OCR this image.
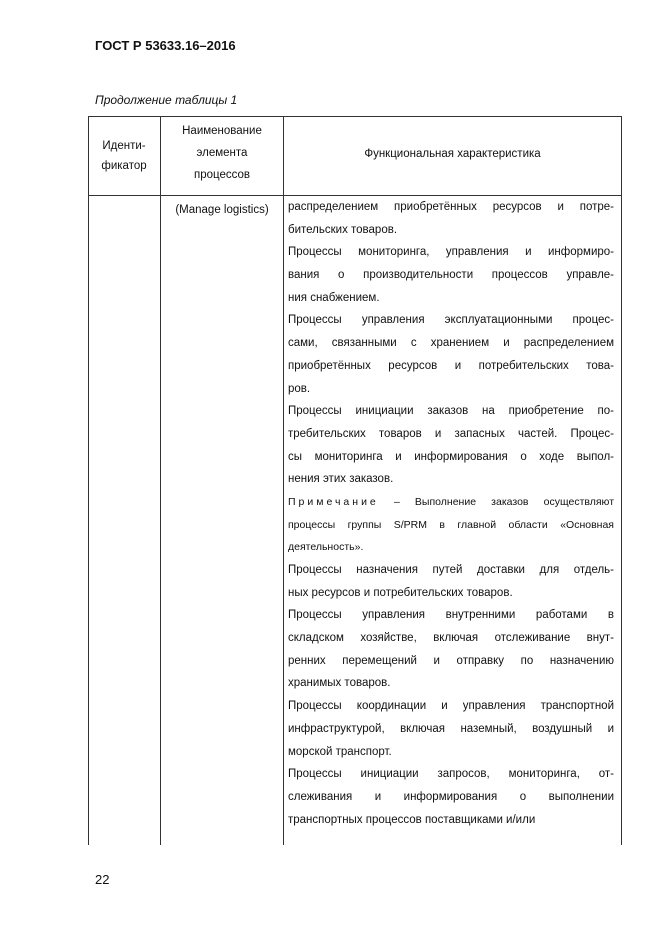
ГОСТ Р 53633.16–2016
Продолжение таблицы 1
Иденти-
фикатор
Наименование
элемента
процессов
Функциональная характеристика
(Manage logistics)	распределением приобретённых ресурсов и потре-
бительских товаров.
Процессы мониторинга, управления и информиро-
вания о производительности процессов управле-
ния снабжением.
Процессы управления эксплуатационными процес-
сами, связанными с хранением и распределением
приобретённых ресурсов и потребительских това-
ров.
Процессы инициации заказов на приобретение по-
требительских товаров и запасных частей. Процес-
сы мониторинга и информирования о ходе выпол-
нения этих заказов.
Примечание – Выполнение заказов осуществляют
процессы группы S/PRM в главной области «Основная
деятельность».
Процессы назначения путей доставки для отдель-
ных ресурсов и потребительских товаров.
Процессы управления внутренними работами в
складском хозяйстве, включая отслеживание внут-
ренних перемещений и отправку по назначению
хранимых товаров.
Процессы координации и управления транспортной
инфраструктурой, включая наземный, воздушный и
морской транспорт.
Процессы инициации запросов, мониторинга, от-
слеживания и информирования о выполнении
транспортных процессов поставщиками и/или
22
